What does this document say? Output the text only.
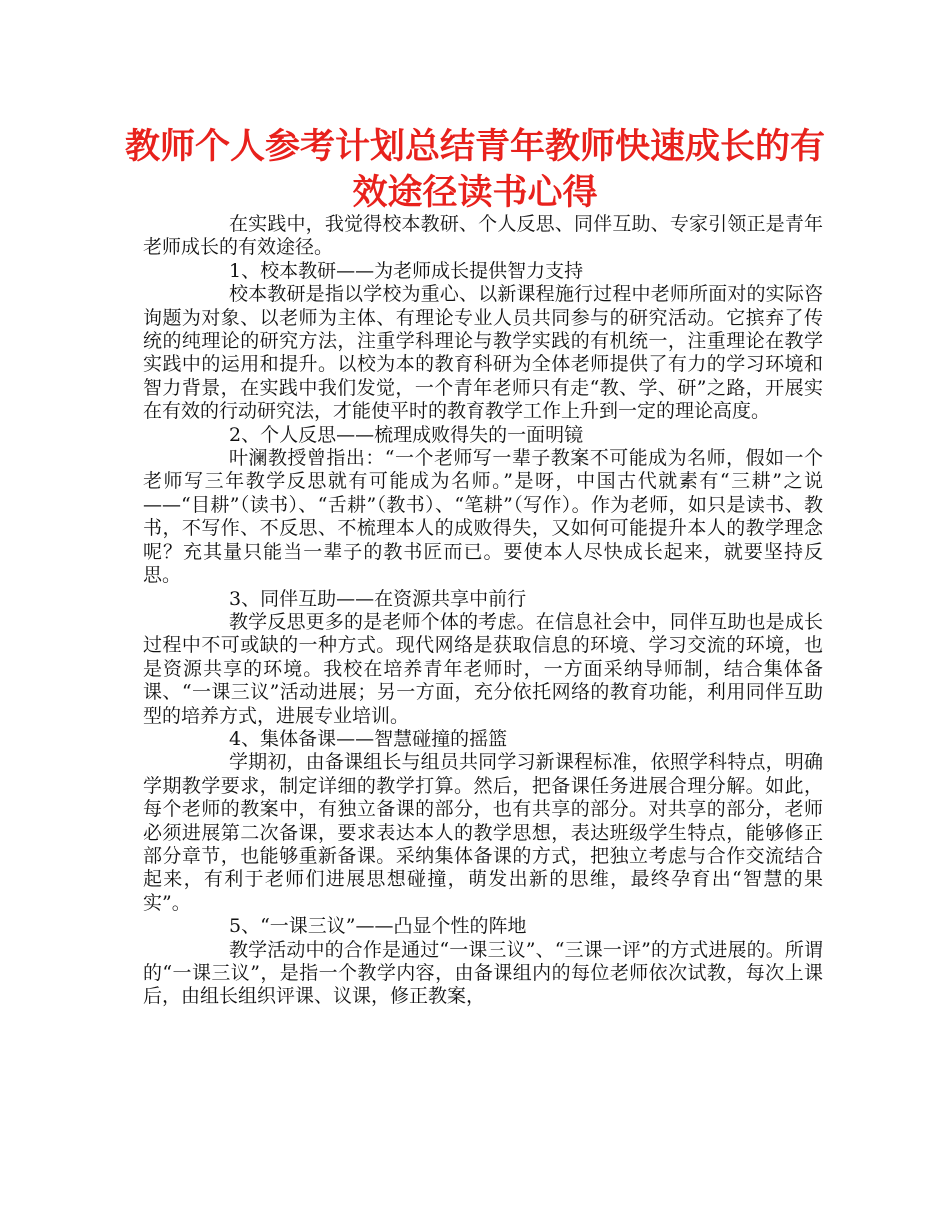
教师个人参考计划总结青年教师快速成长的有效途径读书心得

在实践中，我觉得校本教研、个人反思、同伴互助、专家引领正是青年老师成长的有效途径。

1、校本教研——为老师成长提供智力支持

校本教研是指以学校为重心、以新课程施行过程中老师所面对的实际咨询题为对象、以老师为主体、有理论专业人员共同参与的研究活动。它摈弃了传统的纯理论的研究方法，注重学科理论与教学实践的有机统一，注重理论在教学实践中的运用和提升。以校为本的教育科研为全体老师提供了有力的学习环境和智力背景，在实践中我们发觉，一个青年老师只有走“教、学、研”之路，开展实在有效的行动研究法，才能使平时的教育教学工作上升到一定的理论高度。

2、个人反思——梳理成败得失的一面明镜

叶澜教授曾指出：“一个老师写一辈子教案不可能成为名师，假如一个老师写三年教学反思就有可能成为名师。”是呀，中国古代就素有“三耕”之说——“目耕”（读书）、“舌耕”（教书）、“笔耕”（写作）。作为老师，如只是读书、教书，不写作、不反思、不梳理本人的成败得失，又如何可能提升本人的教学理念呢？充其量只能当一辈子的教书匠而已。要使本人尽快成长起来，就要坚持反思。

3、同伴互助——在资源共享中前行

教学反思更多的是老师个体的考虑。在信息社会中，同伴互助也是成长过程中不可或缺的一种方式。现代网络是获取信息的环境、学习交流的环境，也是资源共享的环境。我校在培养青年老师时，一方面采纳导师制，结合集体备课、“一课三议”活动进展；另一方面，充分依托网络的教育功能，利用同伴互助型的培养方式，进展专业培训。

4、集体备课——智慧碰撞的摇篮

学期初，由备课组长与组员共同学习新课程标准，依照学科特点，明确学期教学要求，制定详细的教学打算。然后，把备课任务进展合理分解。如此，每个老师的教案中，有独立备课的部分，也有共享的部分。对共享的部分，老师必须进展第二次备课，要求表达本人的教学思想，表达班级学生特点，能够修正部分章节，也能够重新备课。采纳集体备课的方式，把独立考虑与合作交流结合起来，有利于老师们进展思想碰撞，萌发出新的思维，最终孕育出“智慧的果实”。

5、“一课三议”——凸显个性的阵地

教学活动中的合作是通过“一课三议”、“三课一评”的方式进展的。所谓的“一课三议”，是指一个教学内容，由备课组内的每位老师依次试教，每次上课后，由组长组织评课、议课，修正教案，
